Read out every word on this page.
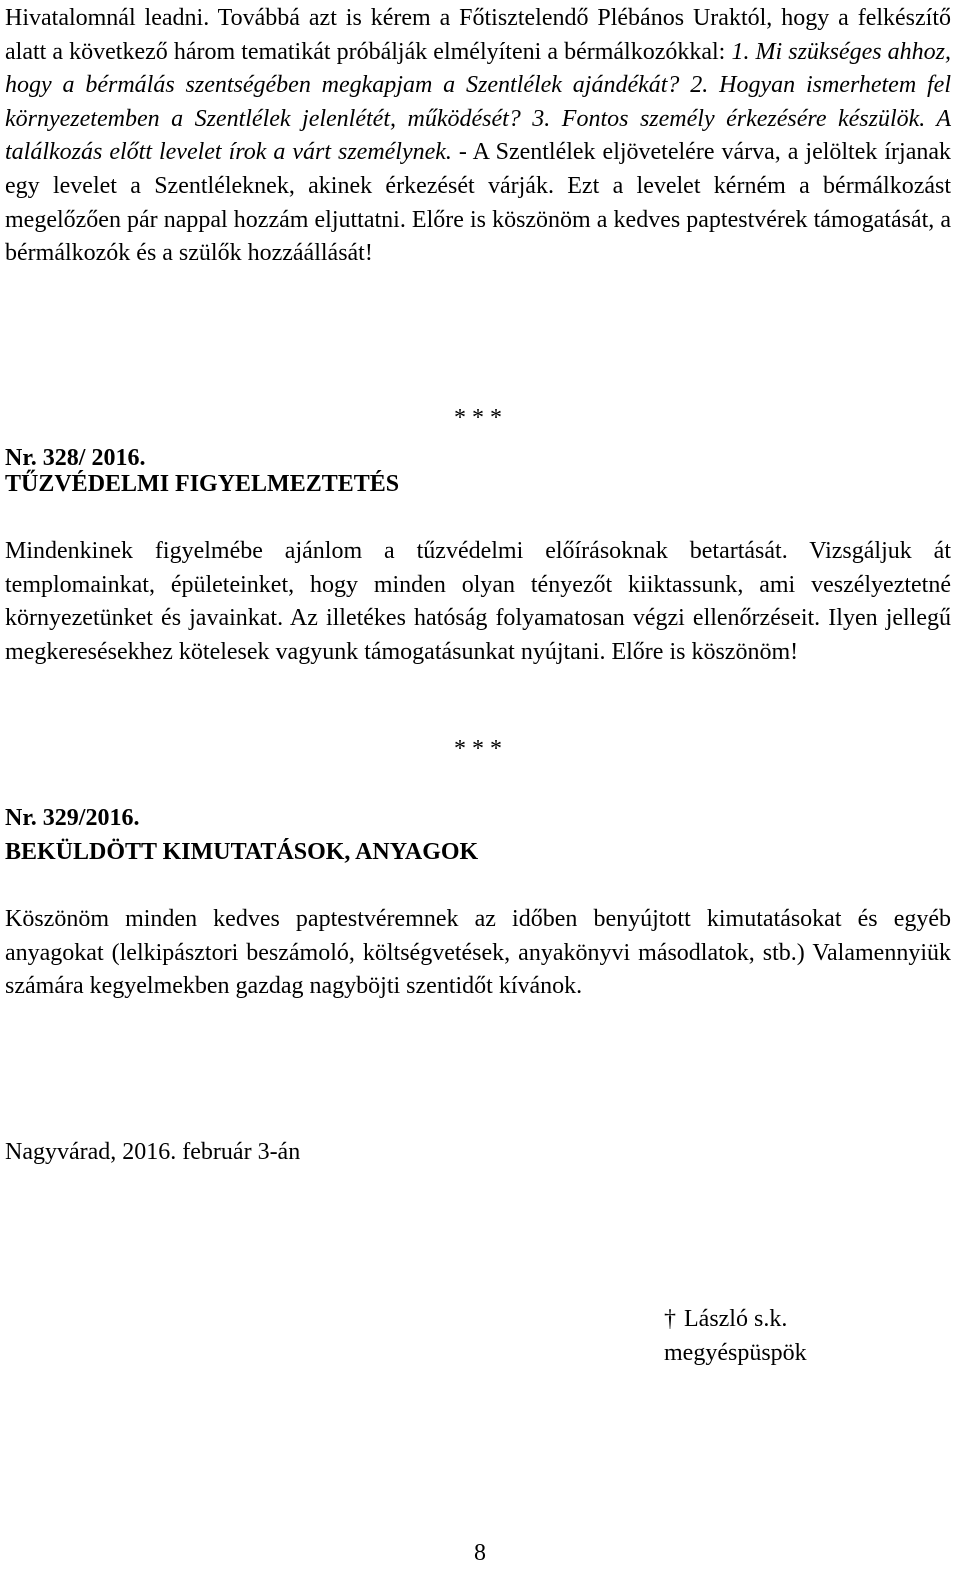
Hivatalomnál leadni. Továbbá azt is kérem a Főtisztelendő Plébános Uraktól, hogy a felkészítő alatt a következő három tematikát próbálják elmélyíteni a bérmálkozókkal: 1. Mi szükséges ahhoz, hogy a bérmálás szentségében megkapjam a Szentlélek ajándékát? 2. Hogyan ismerhetem fel környezetemben a Szentlélek jelenlétét, működését? 3. Fontos személy érkezésére készülök. A találkozás előtt levelet írok a várt személynek. - A Szentlélek eljövetelére várva, a jelöltek írjanak egy levelet a Szentléleknek, akinek érkezését várják. Ezt a levelet kérném a bérmálkozást megelőzően pár nappal hozzám eljuttatni. Előre is köszönöm a kedves paptestvérek támogatását, a bérmálkozók és a szülők hozzáállását!

* * *

Nr. 328/ 2016.

TŰZVÉDELMI FIGYELMEZTETÉS

Mindenkinek figyelmébe ajánlom a tűzvédelmi előírásoknak betartását. Vizsgáljuk át templomainkat, épületeinket, hogy minden olyan tényezőt kiiktassunk, ami veszélyeztetné környezetünket és javainkat. Az illetékes hatóság folyamatosan végzi ellenőrzéseit. Ilyen jellegű megkeresésekhez kötelesek vagyunk támogatásunkat nyújtani. Előre is köszönöm!

* * *

Nr. 329/2016.

BEKÜLDÖTT KIMUTATÁSOK, ANYAGOK

Köszönöm minden kedves paptestvéremnek az időben benyújtott kimutatásokat és egyéb anyagokat (lelkipásztori beszámoló, költségvetések, anyakönyvi másodlatok, stb.) Valamennyiük számára kegyelmekben gazdag nagyböjti szentidőt kívánok.

Nagyvárad, 2016. február 3-án

† László s.k.
megyéspüspök
8
